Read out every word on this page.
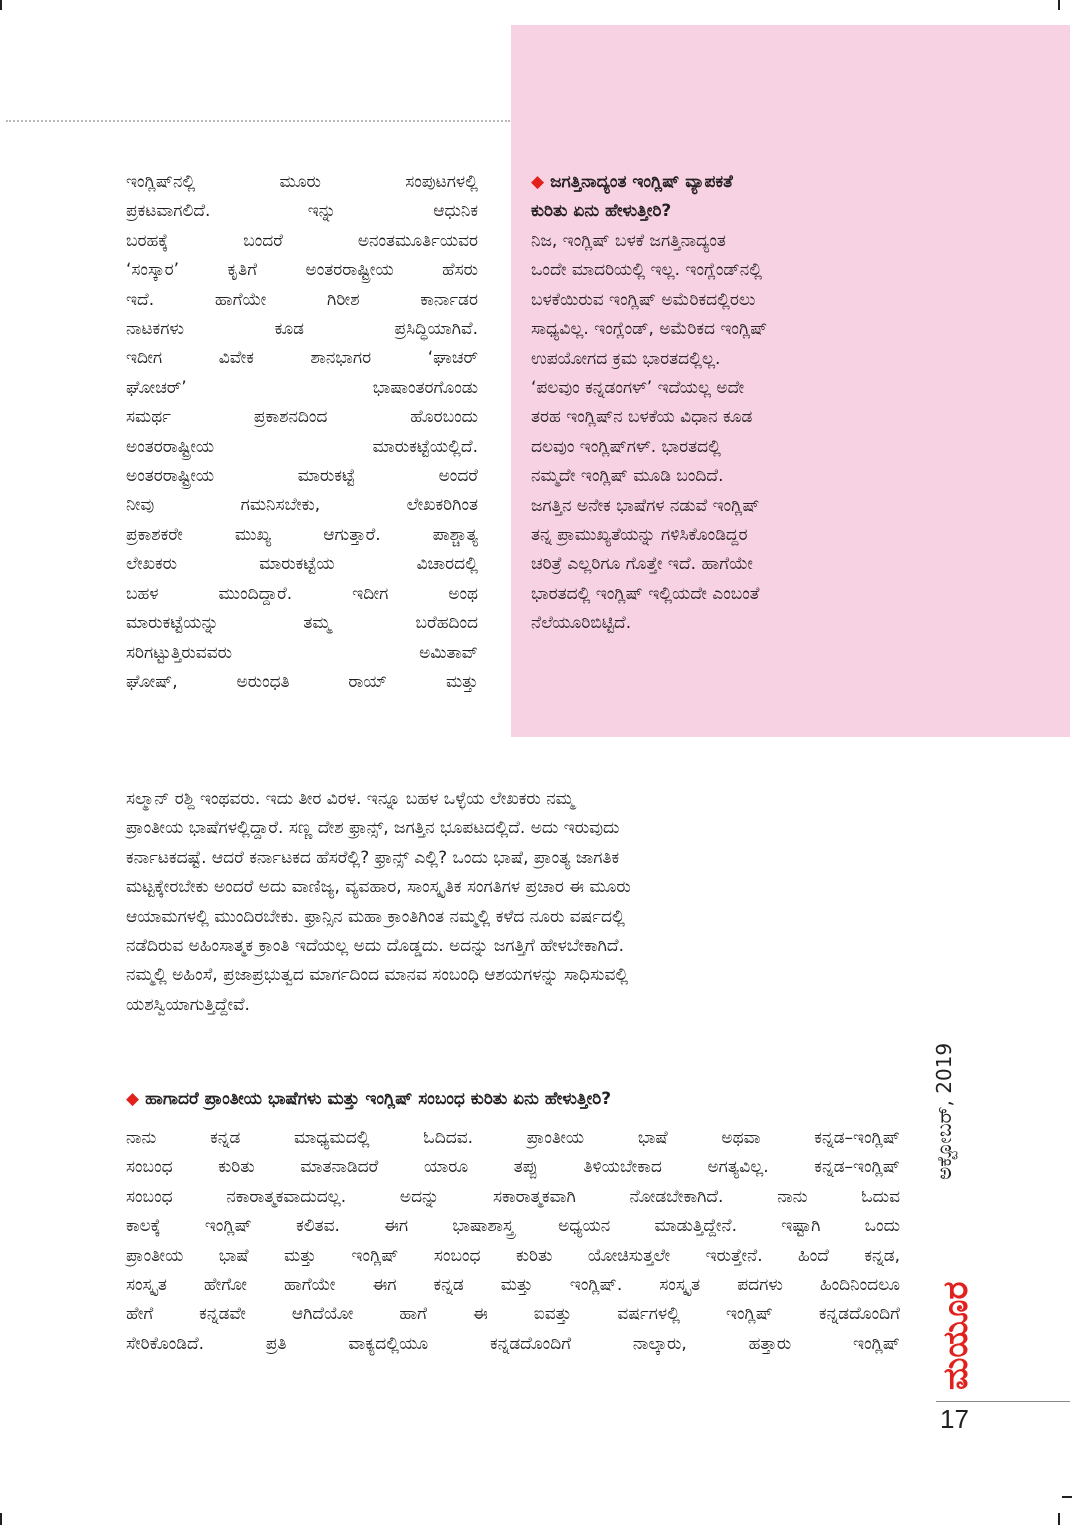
ಇಂಗ್ಲಿಷ್‌ನಲ್ಲಿ ಮೂರು ಸಂಪುಟಗಳಲ್ಲಿ
ಪ್ರಕಟವಾಗಲಿದೆ. ಇನ್ನು ಆಧುನಿಕ
ಬರಹಕ್ಕೆ ಬಂದರೆ ಅನಂತಮೂರ್ತಿಯವರ
‘ಸಂಸ್ಕಾರ’ ಕೃತಿಗೆ ಅಂತರರಾಷ್ಟ್ರೀಯ ಹೆಸರು
ಇದೆ. ಹಾಗೆಯೇ ಗಿರೀಶ ಕಾರ್ನಾಡರ
ನಾಟಕಗಳು ಕೂಡ ಪ್ರಸಿದ್ಧಿಯಾಗಿವೆ.
ಇದೀಗ ವಿವೇಕ ಶಾನಭಾಗರ ‘ಘಾಚರ್
ಘೋಚರ್’ ಭಾಷಾಂತರಗೊಂಡು
ಸಮರ್ಥ ಪ್ರಕಾಶನದಿಂದ ಹೊರಬಂದು
ಅಂತರರಾಷ್ಟ್ರೀಯ ಮಾರುಕಟ್ಟೆಯಲ್ಲಿದೆ.
ಅಂತರರಾಷ್ಟ್ರೀಯ ಮಾರುಕಟ್ಟೆ ಅಂದರೆ
ನೀವು ಗಮನಿಸಬೇಕು, ಲೇಖಕರಿಗಿಂತ
ಪ್ರಕಾಶಕರೇ ಮುಖ್ಯ ಆಗುತ್ತಾರೆ. ಪಾಶ್ಚಾತ್ಯ
ಲೇಖಕರು ಮಾರುಕಟ್ಟೆಯ ವಿಚಾರದಲ್ಲಿ
ಬಹಳ ಮುಂದಿದ್ದಾರೆ. ಇದೀಗ ಅಂಥ
ಮಾರುಕಟ್ಟೆಯನ್ನು ತಮ್ಮ ಬರೆಹದಿಂದ
ಸರಿಗಟ್ಟುತ್ತಿರುವವರು ಅಮಿತಾವ್
ಘೋಷ್, ಅರುಂಧತಿ ರಾಯ್ ಮತ್ತು

◆ ಜಗತ್ತಿನಾದ್ಯಂತ ಇಂಗ್ಲಿಷ್ ವ್ಯಾಪಕತೆ
ಕುರಿತು ಏನು ಹೇಳುತ್ತೀರಿ?

ನಿಜ, ಇಂಗ್ಲಿಷ್ ಬಳಕೆ ಜಗತ್ತಿನಾದ್ಯಂತ
ಒಂದೇ ಮಾದರಿಯಲ್ಲಿ ಇಲ್ಲ. ಇಂಗ್ಲೆಂಡ್‌ನಲ್ಲಿ
ಬಳಕೆಯಿರುವ ಇಂಗ್ಲಿಷ್ ಅಮೆರಿಕದಲ್ಲಿರಲು
ಸಾಧ್ಯವಿಲ್ಲ. ಇಂಗ್ಲೆಂಡ್, ಅಮೆರಿಕದ ಇಂಗ್ಲಿಷ್
ಉಪಯೋಗದ ಕ್ರಮ ಭಾರತದಲ್ಲಿಲ್ಲ.
‘ಪಲವುಂ ಕನ್ನಡಂಗಳ್’ ಇದೆಯಲ್ಲ ಅದೇ
ತರಹ ಇಂಗ್ಲಿಷ್‌ನ ಬಳಕೆಯ ವಿಧಾನ ಕೂಡ
ದಲವುಂ ಇಂಗ್ಲಿಷ್‌ಗಳ್. ಭಾರತದಲ್ಲಿ
ನಮ್ಮದೇ ಇಂಗ್ಲಿಷ್ ಮೂಡಿ ಬಂದಿದೆ.
ಜಗತ್ತಿನ ಅನೇಕ ಭಾಷೆಗಳ ನಡುವೆ ಇಂಗ್ಲಿಷ್
ತನ್ನ ಪ್ರಾಮುಖ್ಯತೆಯನ್ನು ಗಳಿಸಿಕೊಂಡಿದ್ದರ
ಚರಿತ್ರೆ ಎಲ್ಲರಿಗೂ ಗೊತ್ತೇ ಇದೆ. ಹಾಗೆಯೇ
ಭಾರತದಲ್ಲಿ ಇಂಗ್ಲಿಷ್ ಇಲ್ಲಿಯದೇ ಎಂಬಂತೆ
ನೆಲೆಯೂರಿಬಿಟ್ಟಿದೆ.

ಸಲ್ಮಾನ್ ರಶ್ದಿ ಇಂಥವರು. ಇದು ತೀರ ವಿರಳ. ಇನ್ನೂ ಬಹಳ ಒಳ್ಳೆಯ ಲೇಖಕರು ನಮ್ಮ
ಪ್ರಾಂತೀಯ ಭಾಷೆಗಳಲ್ಲಿದ್ದಾರೆ. ಸಣ್ಣ ದೇಶ ಫ್ರಾನ್ಸ್, ಜಗತ್ತಿನ ಭೂಪಟದಲ್ಲಿದೆ. ಅದು ಇರುವುದು
ಕರ್ನಾಟಕದಷ್ಟೆ. ಆದರೆ ಕರ್ನಾಟಕದ ಹೆಸರೆಲ್ಲಿ? ಫ್ರಾನ್ಸ್ ಎಲ್ಲಿ? ಒಂದು ಭಾಷೆ, ಪ್ರಾಂತ್ಯ ಜಾಗತಿಕ
ಮಟ್ಟಕ್ಕೇರಬೇಕು ಅಂದರೆ ಅದು ವಾಣಿಜ್ಯ, ವ್ಯವಹಾರ, ಸಾಂಸ್ಕೃತಿಕ ಸಂಗತಿಗಳ ಪ್ರಚಾರ ಈ ಮೂರು
ಆಯಾಮಗಳಲ್ಲಿ ಮುಂದಿರಬೇಕು. ಫ್ರಾನ್ಸಿನ ಮಹಾ ಕ್ರಾಂತಿಗಿಂತ ನಮ್ಮಲ್ಲಿ ಕಳೆದ ನೂರು ವರ್ಷದಲ್ಲಿ
ನಡೆದಿರುವ ಅಹಿಂಸಾತ್ಮಕ ಕ್ರಾಂತಿ ಇದೆಯಲ್ಲ ಅದು ದೊಡ್ಡದು. ಅದನ್ನು ಜಗತ್ತಿಗೆ ಹೇಳಬೇಕಾಗಿದೆ.
ನಮ್ಮಲ್ಲಿ ಅಹಿಂಸೆ, ಪ್ರಜಾಪ್ರಭುತ್ವದ ಮಾರ್ಗದಿಂದ ಮಾನವ ಸಂಬಂಧಿ ಆಶಯಗಳನ್ನು ಸಾಧಿಸುವಲ್ಲಿ
ಯಶಸ್ವಿಯಾಗುತ್ತಿದ್ದೇವೆ.

◆ ಹಾಗಾದರೆ ಪ್ರಾಂತೀಯ ಭಾಷೆಗಳು ಮತ್ತು ಇಂಗ್ಲಿಷ್ ಸಂಬಂಧ ಕುರಿತು ಏನು ಹೇಳುತ್ತೀರಿ?

ನಾನು ಕನ್ನಡ ಮಾಧ್ಯಮದಲ್ಲಿ ಓದಿದವ. ಪ್ರಾಂತೀಯ ಭಾಷೆ ಅಥವಾ ಕನ್ನಡ–ಇಂಗ್ಲಿಷ್
ಸಂಬಂಧ ಕುರಿತು ಮಾತನಾಡಿದರೆ ಯಾರೂ ತಪ್ಪು ತಿಳಿಯಬೇಕಾದ ಅಗತ್ಯವಿಲ್ಲ. ಕನ್ನಡ–ಇಂಗ್ಲಿಷ್
ಸಂಬಂಧ ನಕಾರಾತ್ಮಕವಾದುದಲ್ಲ. ಅದನ್ನು ಸಕಾರಾತ್ಮಕವಾಗಿ ನೋಡಬೇಕಾಗಿದೆ. ನಾನು ಓದುವ
ಕಾಲಕ್ಕೆ ಇಂಗ್ಲಿಷ್ ಕಲಿತವ. ಈಗ ಭಾಷಾಶಾಸ್ತ್ರ ಅಧ್ಯಯನ ಮಾಡುತ್ತಿದ್ದೇನೆ. ಇಷ್ಟಾಗಿ ಒಂದು
ಪ್ರಾಂತೀಯ ಭಾಷೆ ಮತ್ತು ಇಂಗ್ಲಿಷ್ ಸಂಬಂಧ ಕುರಿತು ಯೋಚಿಸುತ್ತಲೇ ಇರುತ್ತೇನೆ. ಹಿಂದೆ ಕನ್ನಡ,
ಸಂಸ್ಕೃತ ಹೇಗೋ ಹಾಗೆಯೇ ಈಗ ಕನ್ನಡ ಮತ್ತು ಇಂಗ್ಲಿಷ್. ಸಂಸ್ಕೃತ ಪದಗಳು ಹಿಂದಿನಿಂದಲೂ
ಹೇಗೆ ಕನ್ನಡವೇ ಆಗಿದೆಯೋ ಹಾಗೆ ಈ ಐವತ್ತು ವರ್ಷಗಳಲ್ಲಿ ಇಂಗ್ಲಿಷ್ ಕನ್ನಡದೊಂದಿಗೆ
ಸೇರಿಕೊಂಡಿದೆ. ಪ್ರತಿ ವಾಕ್ಯದಲ್ಲಿಯೂ ಕನ್ನಡದೊಂದಿಗೆ ನಾಲ್ಕಾರು, ಹತ್ತಾರು ಇಂಗ್ಲಿಷ್

ಅಕ್ಟೋಬರ್, 2019
ಮಯೂರ
17
